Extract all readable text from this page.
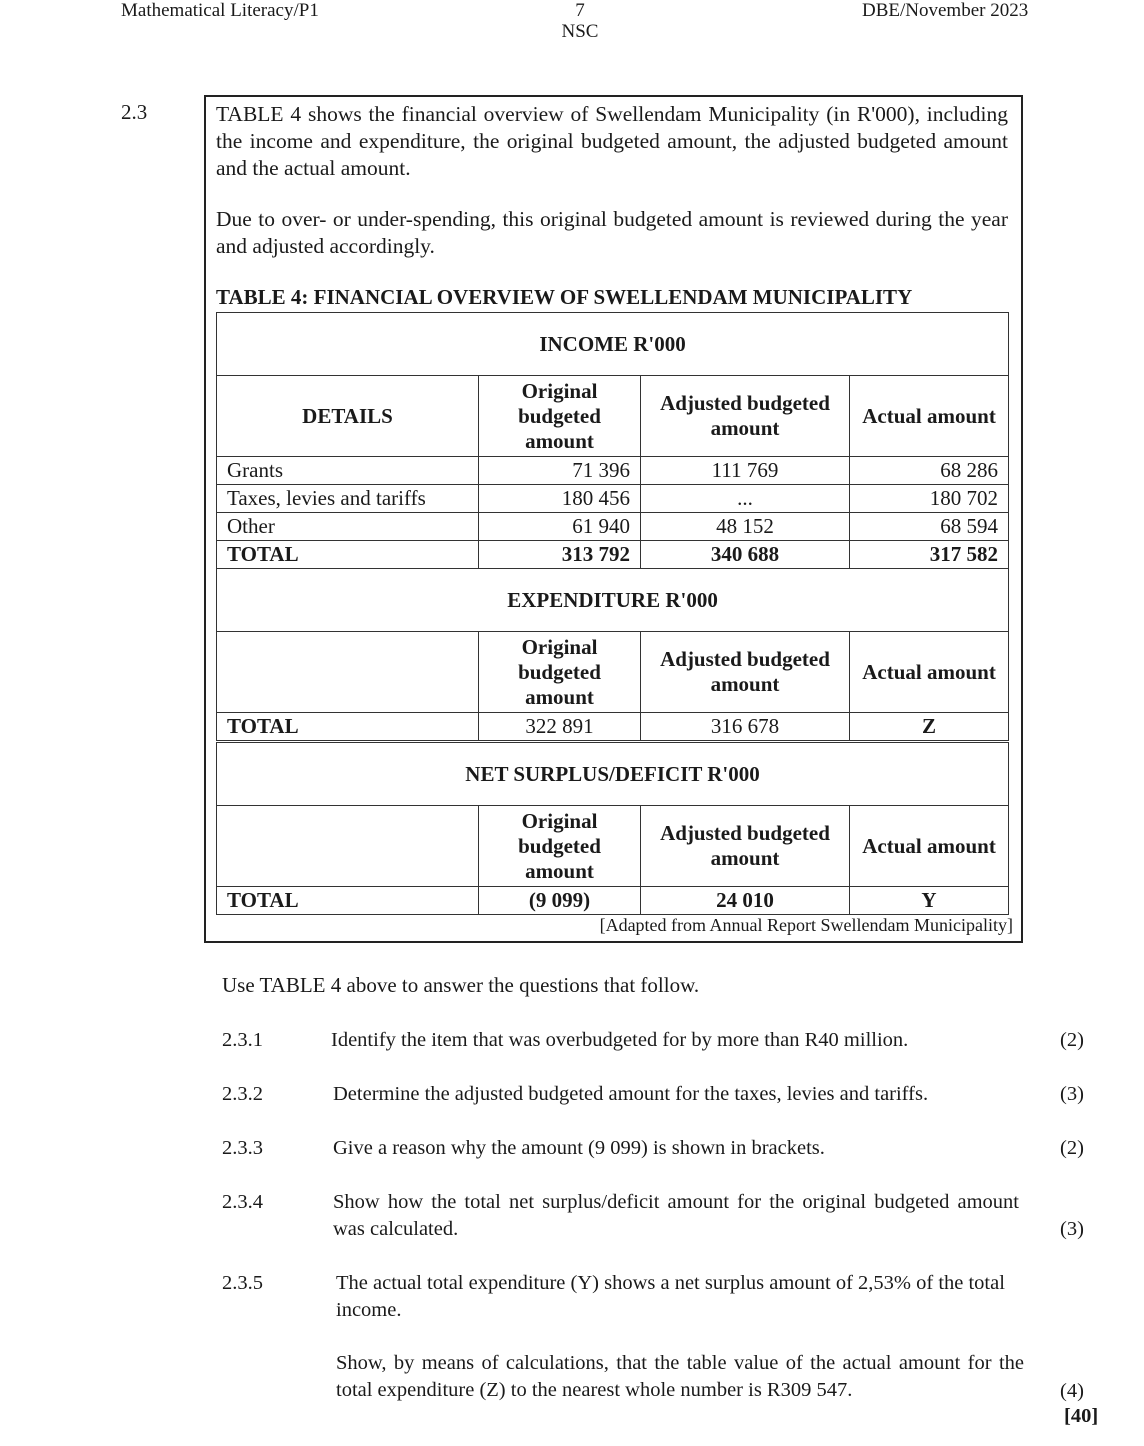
Mathematical Literacy/P1	7
NSC
DBE/November 2023
2.3	TABLE 4 shows the financial overview of Swellendam Municipality (in R'000), including the income and expenditure, the original budgeted amount, the adjusted budgeted amount and the actual amount.

Due to over- or under-spending, this original budgeted amount is reviewed during the year and adjusted accordingly.

TABLE 4: FINANCIAL OVERVIEW OF SWELLENDAM MUNICIPALITY
INCOME R'000			
DETAILS	Original budgeted amount	Adjusted budgeted amount	Actual amount
Grants	71 396	111 769	68 286
Taxes, levies and tariffs	180 456	...	180 702
Other	61 940	48 152	68 594
TOTAL	313 792	340 688	317 582
EXPENDITURE R'000			
	Original budgeted amount	Adjusted budgeted amount	Actual amount
TOTAL	322 891	316 678	Z
NET SURPLUS/DEFICIT R'000			
	Original budgeted amount	Adjusted budgeted amount	Actual amount
TOTAL	(9 099)	24 010	Y
[Adapted from Annual Report Swellendam Municipality]
Use TABLE 4 above to answer the questions that follow.
2.3.1	Identify the item that was overbudgeted for by more than R40 million.	(2)
2.3.2	Determine the adjusted budgeted amount for the taxes, levies and tariffs.	(3)
2.3.3	Give a reason why the amount (9 099) is shown in brackets.	(2)
2.3.4	Show how the total net surplus/deficit amount for the original budgeted amount was calculated.	(3)
2.3.5	The actual total expenditure (Y) shows a net surplus amount of 2,53% of the total income.
Show, by means of calculations, that the table value of the actual amount for the total expenditure (Z) to the nearest whole number is R309 547.	(4)
[40]
